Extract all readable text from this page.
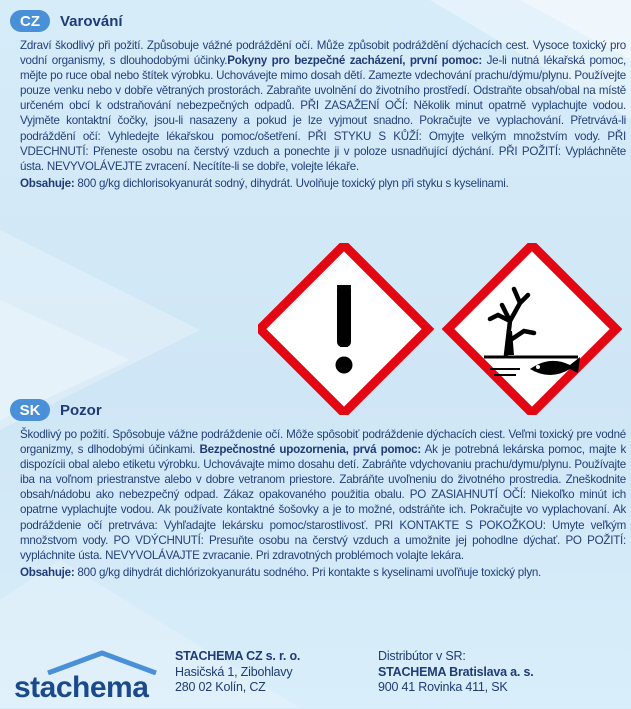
CZ	Varování

Zdraví škodlivý při požití. Způsobuje vážné podráždění očí. Může způsobit podráždění dýchacích cest. Vysoce toxický pro vodní organismy, s dlouhodobými účinky.Pokyny pro bezpečné zacházení, první pomoc: Je-li nutná lékařská pomoc, mějte po ruce obal nebo štítek výrobku. Uchovávejte mimo dosah dětí. Zamezte vdechování prachu/dýmu/plynu. Používejte pouze venku nebo v dobře větraných prostorách. Zabraňte uvolnění do životního prostředí. Odstraňte obsah/obal na místě určeném obcí k odstraňování nebezpečných odpadů. PŘI ZASAŽENÍ OČÍ: Několik minut opatrně vyplachujte vodou. Vyjměte kontaktní čočky, jsou-li nasazeny a pokud je lze vyjmout snadno. Pokračujte ve vyplachování. Přetrvává-li podráždění očí: Vyhledejte lékařskou pomoc/ošetření. PŘI STYKU S KŮŽÍ: Omyjte velkým množstvím vody. PŘI VDECHNUTÍ: Přeneste osobu na čerstvý vzduch a ponechte ji v poloze usnadňující dýchání. PŘI POŽITÍ: Vypláchněte ústa. NEVYVOLÁVEJTE zvracení. Necítíte-li se dobře, volejte lékaře.

Obsahuje: 800 g/kg dichlorisokyanurát sodný, dihydrát. Uvolňuje toxický plyn při styku s kyselinami.
SK	Pozor

Škodlivý po požití. Spôsobuje vážne podráždenie očí. Môže spôsobiť podráždenie dýchacích ciest. Veľmi toxický pre vodné organizmy, s dlhodobými účinkami. Bezpečnostné upozornenia, prvá pomoc: Ak je potrebná lekárska pomoc, majte k dispozícii obal alebo etiketu výrobku. Uchovávajte mimo dosahu detí. Zabráňte vdychovaniu prachu/dymu/plynu. Používajte iba na voľnom priestranstve alebo v dobre vetranom priestore. Zabráňte uvoľneniu do životného prostredia. Zneškodnite obsah/nádobu ako nebezpečný odpad. Zákaz opakovaného použitia obalu. PO ZASIAHNUTÍ OČÍ: Niekoľko minút ich opatrne vyplachujte vodou. Ak používate kontaktné šošovky a je to možné, odstráňte ich. Pokračujte vo vyplachovaní. Ak podráždenie očí pretrváva: Vyhľadajte lekársku pomoc/starostlivosť. PRI KONTAKTE S POKOŽKOU: Umyte veľkým množstvom vody. PO VDÝCHNUTÍ: Presuňte osobu na čerstvý vzduch a umožnite jej pohodlne dýchať. PO POŽITÍ: vypláchnite ústa. NEVYVOLÁVAJTE zvracanie. Pri zdravotných problémoch volajte lekára.

Obsahuje: 800 g/kg dihydrát dichlórizokyanurátu sodného. Pri kontakte s kyselinami uvoľňuje toxický plyn.
stachema
STACHEMA CZ s. r. o.
Hasičská 1, Zibohlavy
280 02 Kolín, CZ
Distribútor v SR:
STACHEMA Bratislava a. s.
900 41 Rovinka 411, SK
